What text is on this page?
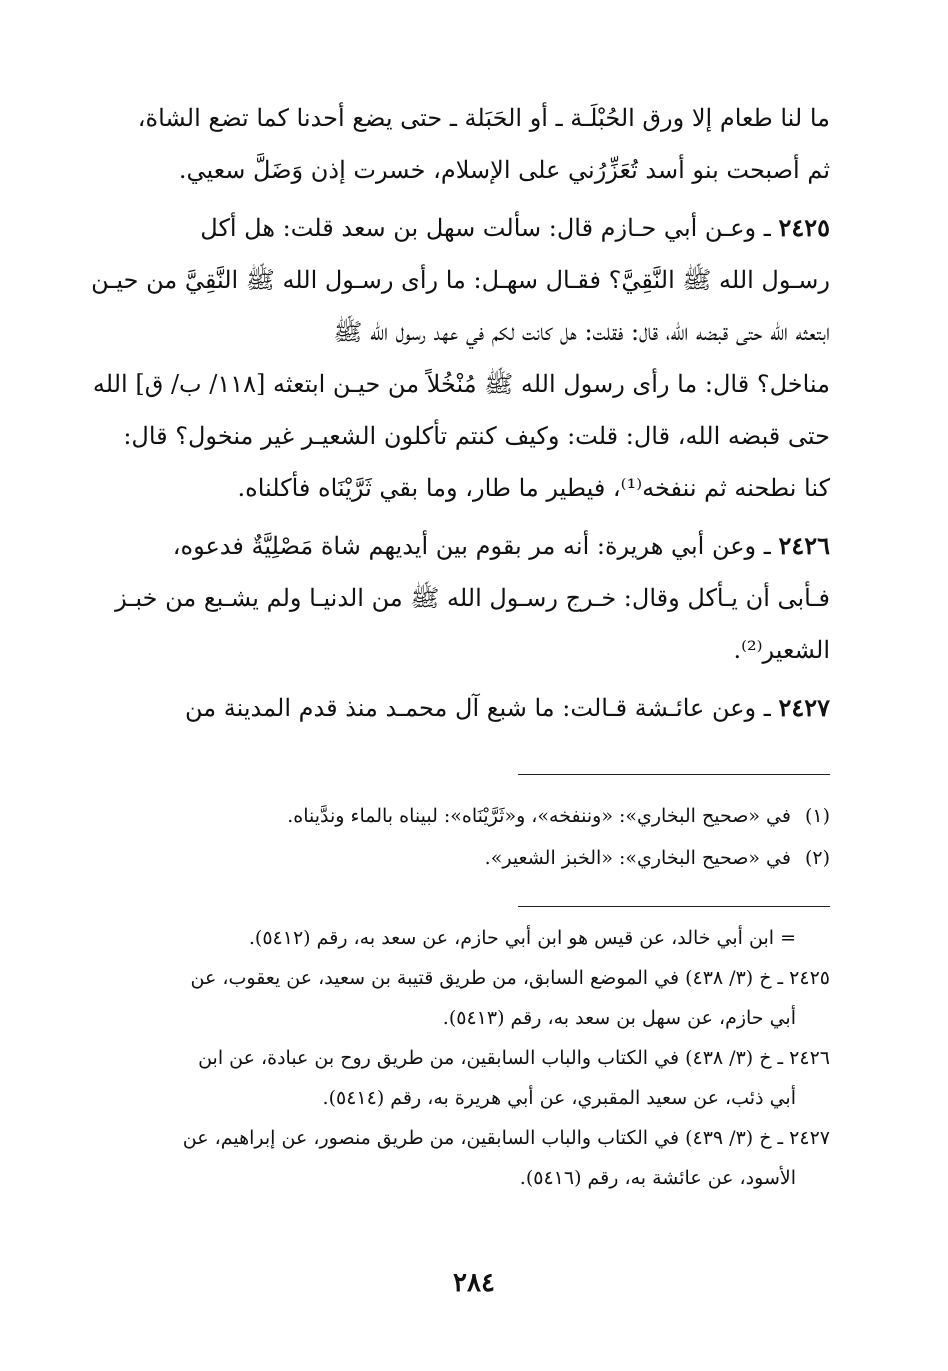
ما لنا طعام إلا ورق الحُبْلَـة ـ أو الحَبَلة ـ حتى يضع أحدنا كما تضع الشاة،

ثم أصبحت بنو أسد تُعَزِّرُني على الإسلام، خسرت إذن وَضَلَّ سعيي.

٢٤٢٥ ـ وعـن أبي حـازم قال: سألت سهل بن سعد قلت: هل أكل

رسـول الله ﷺ النَّقِيَّ؟ فقـال سهـل: ما رأى رسـول الله ﷺ النَّقِيَّ من حيـن

ابتعثه الله حتى قبضه الله، قال: فقلت: هل كانت لكم في عهد رسول الله ﷺ

مناخل؟ قال: ما رأى رسول الله ﷺ مُنْخُلاً من حيـن ابتعثه [١١٨/ ب/ ق] الله

حتى قبضه الله، قال: قلت: وكيف كنتم تأكلون الشعيـر غير منخول؟ قال:

كنا نطحنه ثم ننفخه⁽¹⁾، فيطير ما طار، وما بقي ثَرَّيْنَاه فأكلناه.

٢٤٢٦ ـ وعن أبي هريرة: أنه مر بقوم بين أيديهم شاة مَصْلِيَّةٌ فدعوه،

فـأبى أن يـأكل وقال: خـرج رسـول الله ﷺ من الدنيـا ولم يشـبع من خبـز

الشعير⁽²⁾.

٢٤٢٧ ـ وعن عائـشة قـالت: ما شبع آل محمـد منذ قدم المدينة من

(١)في «صحيح البخاري»: «وننفخه»، و«ثَرَّيْنَاه»: لبيناه بالماء وندَّيناه.

(٢)في «صحيح البخاري»: «الخبز الشعير».

= ابن أبي خالد، عن قيس هو ابن أبي حازم، عن سعد به، رقم (٥٤١٢).

٢٤٢٥ ـ خ (٣/ ٤٣٨) في الموضع السابق، من طريق قتيبة بن سعيد، عن يعقوب، عن

أبي حازم، عن سهل بن سعد به، رقم (٥٤١٣).

٢٤٢٦ ـ خ (٣/ ٤٣٨) في الكتاب والباب السابقين، من طريق روح بن عبادة، عن ابن

أبي ذئب، عن سعيد المقبري، عن أبي هريرة به، رقم (٥٤١٤).

٢٤٢٧ ـ خ (٣/ ٤٣٩) في الكتاب والباب السابقين، من طريق منصور، عن إبراهيم، عن

الأسود، عن عائشة به، رقم (٥٤١٦).

٢٨٤
